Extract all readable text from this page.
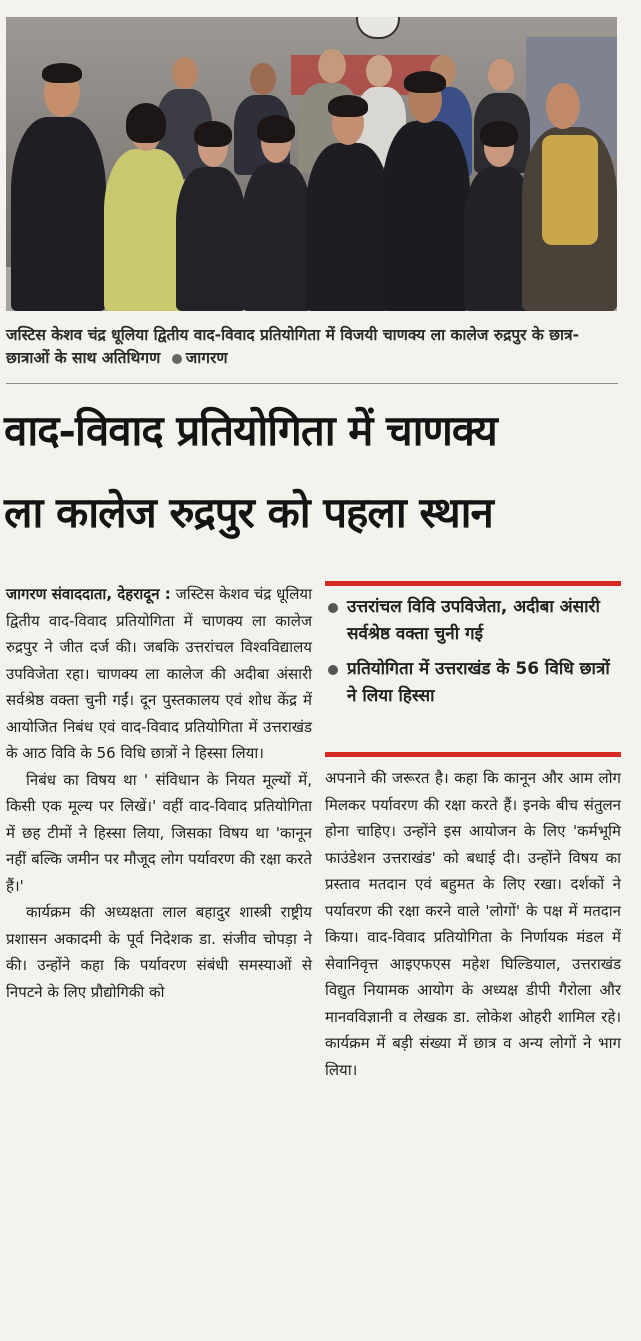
जस्टिस केशव चंद्र धूलिया द्वितीय वाद-विवाद प्रतियोगिता में विजयी चाणक्य ला कालेज रुद्रपुर के छात्र-छात्राओं के साथ अतिथिगण जागरण
वाद-विवाद प्रतियोगिता में चाणक्य
ला कालेज रुद्रपुर को पहला स्थान

जागरण संवाददाता, देहरादून : जस्टिस केशव चंद्र धूलिया द्वितीय वाद-विवाद प्रतियोगिता में चाणक्य ला कालेज रुद्रपुर ने जीत दर्ज की। जबकि उत्तरांचल विश्वविद्यालय उपविजेता रहा। चाणक्य ला कालेज की अदीबा अंसारी सर्वश्रेष्ठ वक्ता चुनी गईं। दून पुस्तकालय एवं शोध केंद्र में आयोजित निबंध एवं वाद-विवाद प्रतियोगिता में उत्तराखंड के आठ विवि के 56 विधि छात्रों ने हिस्सा लिया।

निबंध का विषय था ' संविधान के नियत मूल्यों में, किसी एक मूल्य पर लिखें।' वहीं वाद-विवाद प्रतियोगिता में छह टीमों ने हिस्सा लिया, जिसका विषय था 'कानून नहीं बल्कि जमीन पर मौजूद लोग पर्यावरण की रक्षा करते हैं।'

कार्यक्रम की अध्यक्षता लाल बहादुर शास्त्री राष्ट्रीय प्रशासन अकादमी के पूर्व निदेशक डा. संजीव चोपड़ा ने की। उन्होंने कहा कि पर्यावरण संबंधी समस्याओं से निपटने के लिए प्रौद्योगिकी को

उत्तरांचल विवि उपविजेता, अदीबा अंसारी सर्वश्रेष्ठ वक्ता चुनी गई
प्रतियोगिता में उत्तराखंड के 56 विधि छात्रों ने लिया हिस्सा

अपनाने की जरूरत है। कहा कि कानून और आम लोग मिलकर पर्यावरण की रक्षा करते हैं। इनके बीच संतुलन होना चाहिए। उन्होंने इस आयोजन के लिए 'कर्मभूमि फाउंडेशन उत्तराखंड' को बधाई दी। उन्होंने विषय का प्रस्ताव मतदान एवं बहुमत के लिए रखा। दर्शकों ने पर्यावरण की रक्षा करने वाले 'लोगों' के पक्ष में मतदान किया। वाद-विवाद प्रतियोगिता के निर्णायक मंडल में सेवानिवृत्त आइएफएस महेश घिल्डियाल, उत्तराखंड विद्युत नियामक आयोग के अध्यक्ष डीपी गैरोला और मानवविज्ञानी व लेखक डा. लोकेश ओहरी शामिल रहे। कार्यक्रम में बड़ी संख्या में छात्र व अन्य लोगों ने भाग लिया।
